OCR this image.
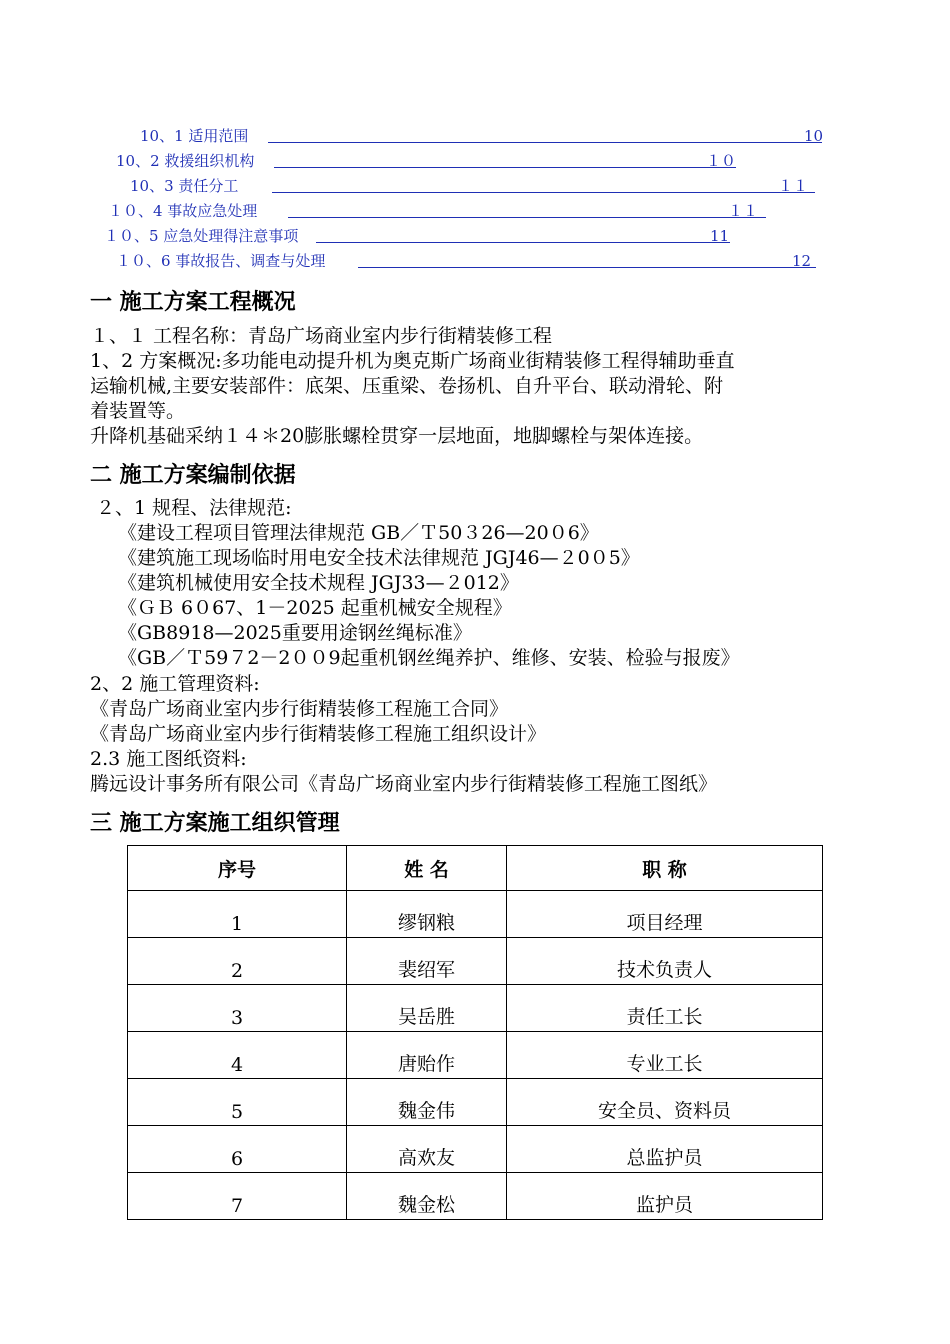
10、1 适用范围	10
10、2 救援组织机构	１０
10、3 责任分工	１１
１０、4 事故应急处理	１１
１０、5 应急处理得注意事项	11
１０、6 事故报告、调查与处理	12
一 施工方案工程概况
１、１ 工程名称：青岛广场商业室内步行街精装修工程
1、2 方案概况:多功能电动提升机为奥克斯广场商业街精装修工程得辅助垂直
运输机械,主要安装部件：底架、压重梁、卷扬机、自升平台、联动滑轮、附
着装置等。
升降机基础采纳１４＊20膨胀螺栓贯穿一层地面，地脚螺栓与架体连接。
二 施工方案编制依据
２、1 规程、法律规范:
《建设工程项目管理法律规范 GB／Ｔ50３26—20０6》
《建筑施工现场临时用电安全技术法律规范 JGJ46—２0０5》
《建筑机械使用安全技术规程 JGJ33—２012》
《ＧＢ 6０67、1－2025 起重机械安全规程》
《GB8918—2025重要用途钢丝绳标准》
《GB／Ｔ59７2－2００9起重机钢丝绳养护、维修、安装、检验与报废》
2、2 施工管理资料:
《青岛广场商业室内步行街精装修工程施工合同》
《青岛广场商业室内步行街精装修工程施工组织设计》
2.3 施工图纸资料:
腾远设计事务所有限公司《青岛广场商业室内步行街精装修工程施工图纸》
三 施工方案施工组织管理
序号	姓 名	职 称
1	缪钢粮	项目经理
2	裴绍军	技术负责人
3	吴岳胜	责任工长
4	唐贻作	专业工长
5	魏金伟	安全员、资料员
6	高欢友	总监护员
7	魏金松	监护员
